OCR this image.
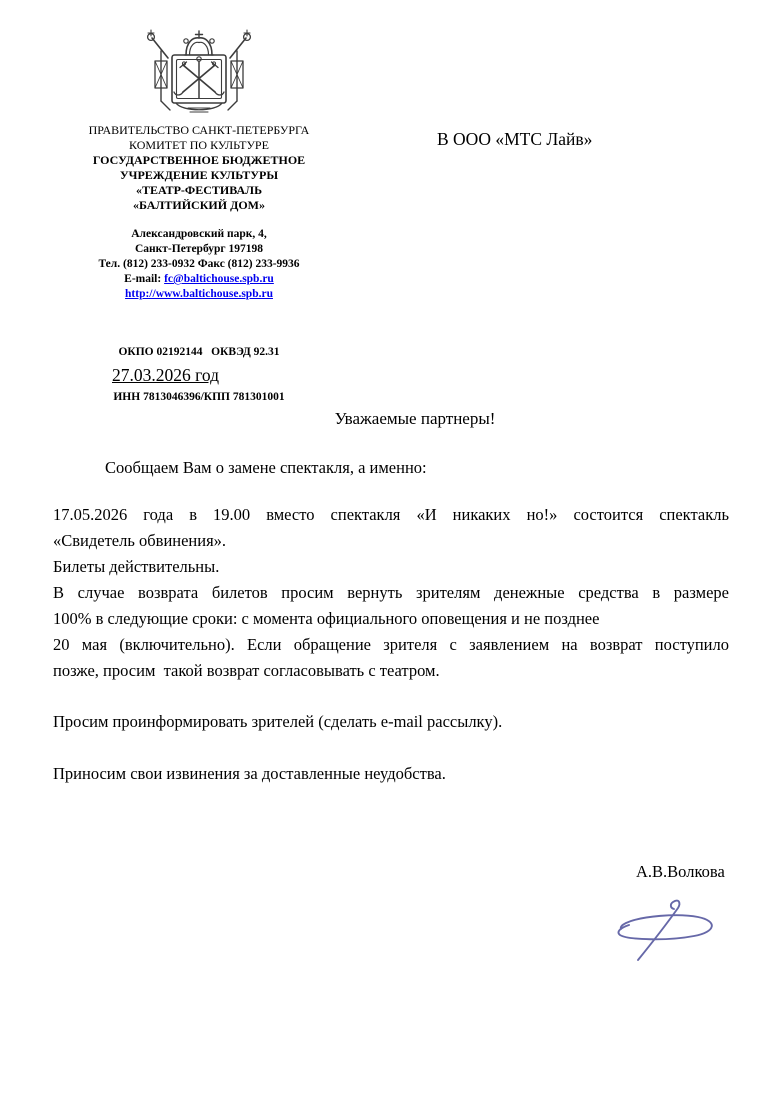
ПРАВИТЕЛЬСТВО САНКТ-ПЕТЕРБУРГА
КОМИТЕТ ПО КУЛЬТУРЕ
ГОСУДАРСТВЕННОЕ БЮДЖЕТНОЕ
УЧРЕЖДЕНИЕ КУЛЬТУРЫ
«ТЕАТР-ФЕСТИВАЛЬ
«БАЛТИЙСКИЙ ДОМ»
Александровский парк, 4,
Санкт-Петербург 197198
Тел. (812) 233-0932 Факс (812) 233-9936
E-mail: fc@baltichouse.spb.ru
http://www.baltichouse.spb.ru

ОКПО 02192144   ОКВЭД 92.31

ИНН 7813046396/КПП 781301001

В ООО «МТС Лайв»
27.03.2026 год
Уважаемые партнеры!
Сообщаем Вам о замене спектакля, а именно:
17.05.2026 года в 19.00 вместо спектакля «И никаких но!» состоится спектакль
«Свидетель обвинения».
Билеты действительны.
В случае возврата билетов просим вернуть зрителям денежные средства в размере
100% в следующие сроки: с момента официального оповещения и не позднее
20 мая (включительно). Если обращение зрителя с заявлением на возврат поступило
позже, просим  такой возврат согласовывать с театром.
Просим проинформировать зрителей (сделать e-mail рассылку).
Приносим свои извинения за доставленные неудобства.
А.В.Волкова
